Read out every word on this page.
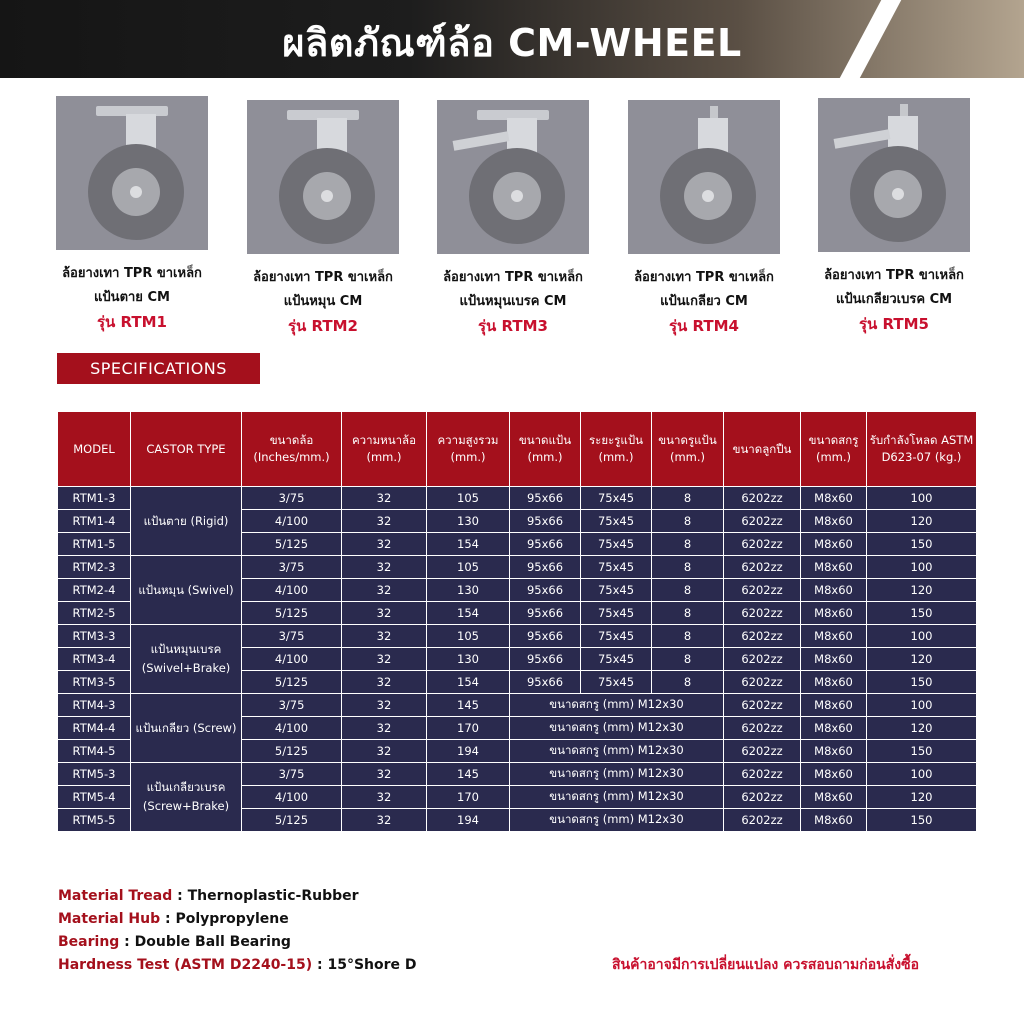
ผลิตภัณฑ์ล้อ CM-WHEEL
ล้อยางเทา TPR ขาเหล็ก
แป้นตาย CM
รุ่น RTM1
ล้อยางเทา TPR ขาเหล็ก
แป้นหมุน CM
รุ่น RTM2
ล้อยางเทา TPR ขาเหล็ก
แป้นหมุนเบรค CM
รุ่น RTM3
ล้อยางเทา TPR ขาเหล็ก
แป้นเกลียว CM
รุ่น RTM4
ล้อยางเทา TPR ขาเหล็ก
แป้นเกลียวเบรค CM
รุ่น RTM5
SPECIFICATIONS
MODEL	CASTOR TYPE	ขนาดล้อ (Inches/mm.)	ความหนาล้อ (mm.)	ความสูงรวม (mm.)	ขนาดแป้น (mm.)	ระยะรูแป้น (mm.)	ขนาดรูแป้น (mm.)	ขนาดลูกปืน	ขนาดสกรู (mm.)	รับกำลังโหลด ASTM D623-07 (kg.)
RTM1-3	แป้นตาย (Rigid)	3/75	32	105	95x66	75x45	8	6202zz	M8x60	100
RTM1-4		4/100	32	130	95x66	75x45	8	6202zz	M8x60	120
RTM1-5		5/125	32	154	95x66	75x45	8	6202zz	M8x60	150
RTM2-3	แป้นหมุน (Swivel)	3/75	32	105	95x66	75x45	8	6202zz	M8x60	100
RTM2-4		4/100	32	130	95x66	75x45	8	6202zz	M8x60	120
RTM2-5		5/125	32	154	95x66	75x45	8	6202zz	M8x60	150
RTM3-3	แป้นหมุนเบรค (Swivel+Brake)	3/75	32	105	95x66	75x45	8	6202zz	M8x60	100
RTM3-4		4/100	32	130	95x66	75x45	8	6202zz	M8x60	120
RTM3-5		5/125	32	154	95x66	75x45	8	6202zz	M8x60	150
RTM4-3	แป้นเกลียว (Screw)	3/75	32	145	ขนาดสกรู (mm) M12x30			6202zz	M8x60	100
RTM4-4		4/100	32	170	ขนาดสกรู (mm) M12x30			6202zz	M8x60	120
RTM4-5		5/125	32	194	ขนาดสกรู (mm) M12x30			6202zz	M8x60	150
RTM5-3	แป้นเกลียวเบรค (Screw+Brake)	3/75	32	145	ขนาดสกรู (mm) M12x30			6202zz	M8x60	100
RTM5-4		4/100	32	170	ขนาดสกรู (mm) M12x30			6202zz	M8x60	120
RTM5-5		5/125	32	194	ขนาดสกรู (mm) M12x30			6202zz	M8x60	150
Material Tread : Thernoplastic-Rubber
Material Hub : Polypropylene
Bearing : Double Ball Bearing
Hardness Test (ASTM D2240-15) : 15°Shore D	สินค้าอาจมีการเปลี่ยนแปลง ควรสอบถามก่อนสั่งซื้อ
